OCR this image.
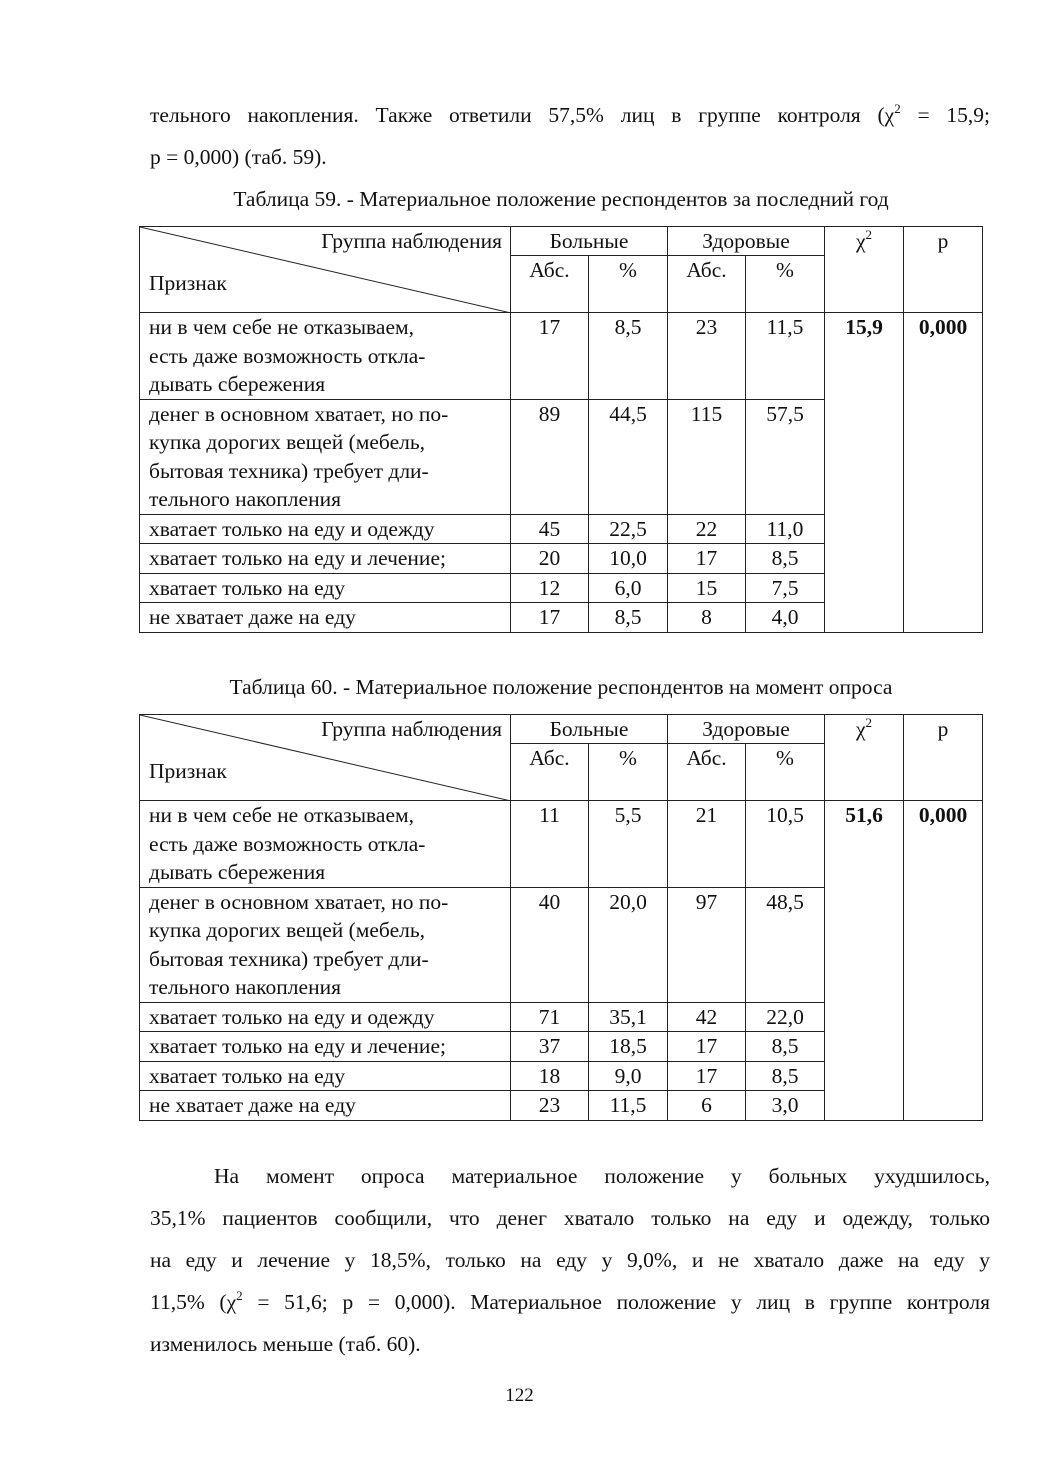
тельного накопления. Также ответили 57,5% лиц в группе контроля ($\chi^2 = 15,9$;
р = 0,000) (таб. 59).

Таблица 59. - Материальное положение респондентов за последний год

Группа наблюдения
Признак	Больные		Здоровые		$\chi^2$	p
	Абс.	%	Абс.	%		

ни в чем себе не отказываем,
есть даже возможность откла-
дывать сбережения	17	8,5	23	11,5	15,9	0,000

денег в основном хватает, но по-
купка дорогих вещей (мебель,
бытовая техника) требует дли-
тельного накопления	89	44,5	115	57,5		

хватает только на еду и одежду	45	22,5	22	11,0		

хватает только на еду и лечение;	20	10,0	17	8,5		

хватает только на еду	12	6,0	15	7,5		

не хватает даже на еду	17	8,5	8	4,0		

Таблица 60. - Материальное положение респондентов на момент опроса

Группа наблюдения
Признак	Больные		Здоровые		$\chi^2$	p
	Абс.	%	Абс.	%		

ни в чем себе не отказываем,
есть даже возможность откла-
дывать сбережения	11	5,5	21	10,5	51,6	0,000

денег в основном хватает, но по-
купка дорогих вещей (мебель,
бытовая техника) требует дли-
тельного накопления	40	20,0	97	48,5		

хватает только на еду и одежду	71	35,1	42	22,0		

хватает только на еду и лечение;	37	18,5	17	8,5		

хватает только на еду	18	9,0	17	8,5		

не хватает даже на еду	23	11,5	6	3,0		

На момент опроса материальное положение у больных ухудшилось,
35,1% пациентов сообщили, что денег хватало только на еду и одежду, только
на еду и лечение у 18,5%, только на еду у 9,0%, и не хватало даже на еду у
11,5% ($\chi^2 = 51,6$; р = 0,000). Материальное положение у лиц в группе контроля
изменилось меньше (таб. 60).

122
